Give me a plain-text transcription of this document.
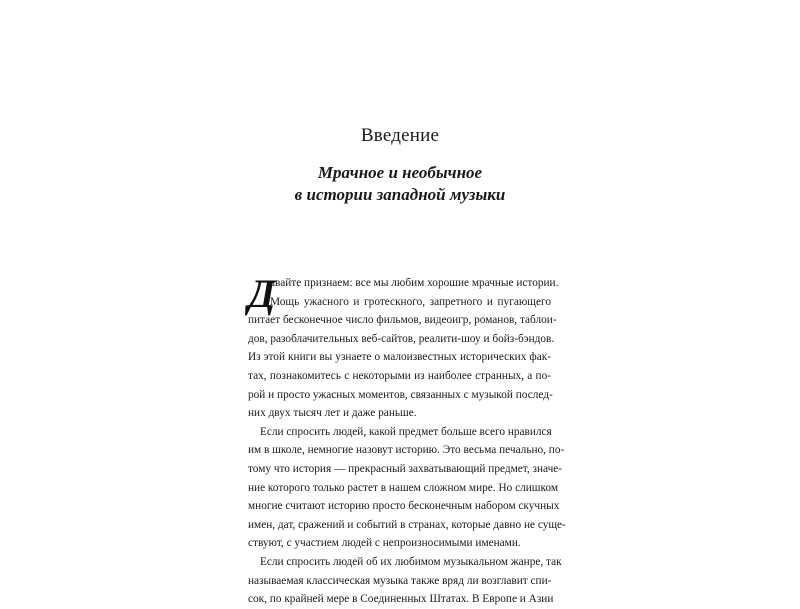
Введение
Мрачное и необычное
в истории западной музыки
Д
авайте признаем: все мы любим хорошие мрачные истории.
Мощь ужасного и гротескного, запретного и пугающего
питает бесконечное число фильмов, видеоигр, романов, таблои-
дов, разоблачительных веб-сайтов, реалити-шоу и бойз-бэндов.
Из этой книги вы узнаете о малоизвестных исторических фак-
тах, познакомитесь с некоторыми из наиболее странных, а по-
рой и просто ужасных моментов, связанных с музыкой послед-
них двух тысяч лет и даже раньше.
Если спросить людей, какой предмет больше всего нравился
им в школе, немногие назовут историю. Это весьма печально, по-
тому что история — прекрасный захватывающий предмет, значе-
ние которого только растет в нашем сложном мире. Но слишком
многие считают историю просто бесконечным набором скучных
имен, дат, сражений и событий в странах, которые давно не суще-
ствуют, с участием людей с непроизносимыми именами.
Если спросить людей об их любимом музыкальном жанре, так
называемая классическая музыка также вряд ли возглавит спи-
сок, по крайней мере в Соединенных Штатах. В Европе и Азии
